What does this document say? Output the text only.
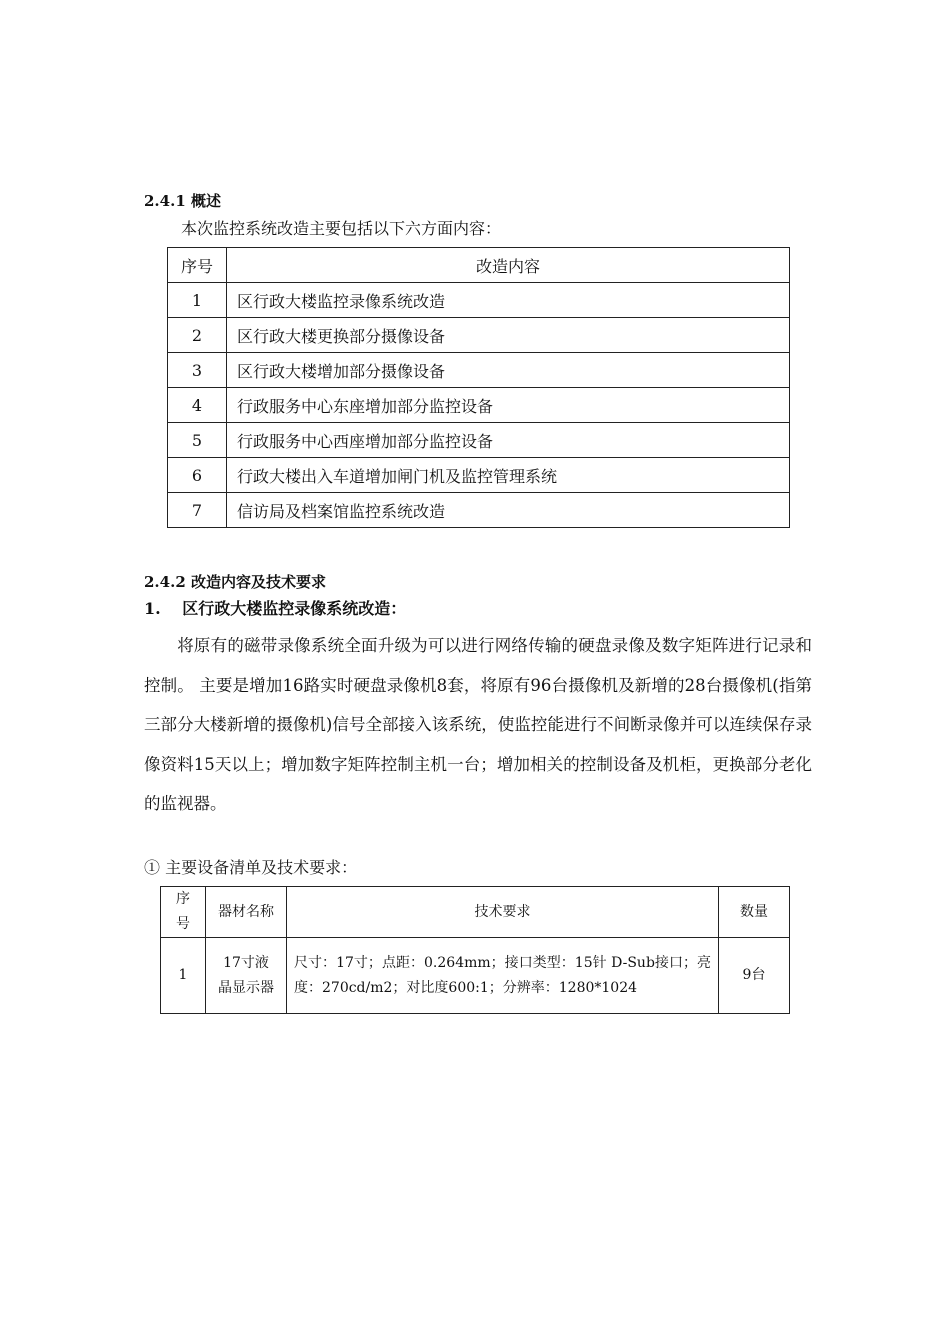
2.4.1 概述
本次监控系统改造主要包括以下六方面内容：
序号	改造内容
1	区行政大楼监控录像系统改造
2	区行政大楼更换部分摄像设备
3	区行政大楼增加部分摄像设备
4	行政服务中心东座增加部分监控设备
5	行政服务中心西座增加部分监控设备
6	行政大楼出入车道增加闸门机及监控管理系统
7	信访局及档案馆监控系统改造
2.4.2 改造内容及技术要求
1.　 区行政大楼监控录像系统改造：
将原有的磁带录像系统全面升级为可以进行网络传输的硬盘录像及数字矩阵进行记录和控制。 主要是增加16路实时硬盘录像机8套，将原有96台摄像机及新增的28台摄像机(指第三部分大楼新增的摄像机)信号全部接入该系统，使监控能进行不间断录像并可以连续保存录像资料15天以上；增加数字矩阵控制主机一台；增加相关的控制设备及机柜，更换部分老化的监视器。
① 主要设备清单及技术要求：
序号	器材名称	技术要求	数量
1	17寸液晶显示器	尺寸：17寸；点距：0.264mm；接口类型：15针 D-Sub接口；亮度：270cd/m2；对比度600:1；分辨率：1280*1024	9台
